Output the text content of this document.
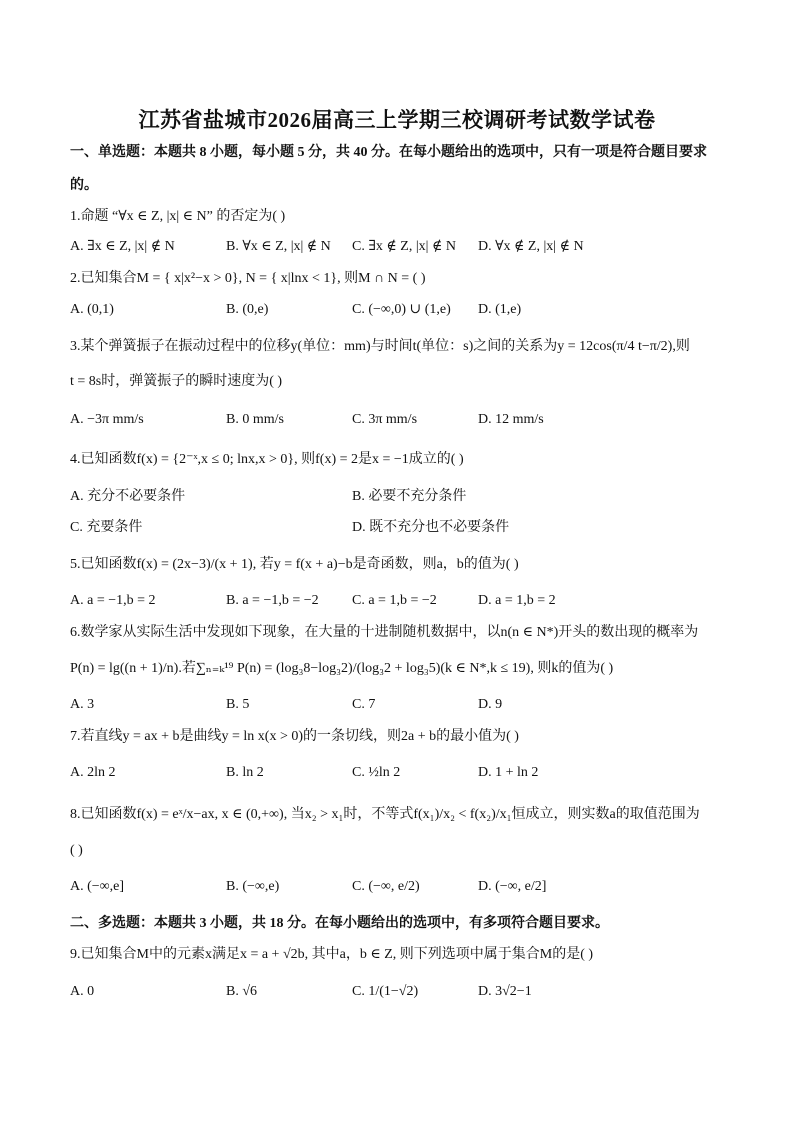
江苏省盐城市2026届高三上学期三校调研考试数学试卷
一、单选题：本题共 8 小题，每小题 5 分，共 40 分。在每小题给出的选项中，只有一项是符合题目要求
的。
1.命题 “∀x ∈ Z, |x| ∈ N” 的否定为( )
A. ∃x ∈ Z, |x| ∉ N	B. ∀x ∈ Z, |x| ∉ N C. ∃x ∉ Z, |x| ∉ N D. ∀x ∉ Z, |x| ∉ N
2.已知集合M = { x|x²−x > 0}, N = { x|lnx < 1}, 则M ∩ N = ( )
A. (0,1)	B. (0,e)	C. (−∞,0) ∪ (1,e) D. (1,e)
3.某个弹簧振子在振动过程中的位移y(单位：mm)与时间t(单位：s)之间的关系为y = 12cos(π/4 t−π/2),则
t = 8s时，弹簧振子的瞬时速度为( )
A. −3π mm/s	B. 0 mm/s	C. 3π mm/s	D. 12 mm/s
4.已知函数f(x) = {2⁻ˣ,x ≤ 0; lnx,x > 0}, 则f(x) = 2是x = −1成立的( )
A. 充分不必要条件	B. 必要不充分条件
C. 充要条件	D. 既不充分也不必要条件
5.已知函数f(x) = (2x−3)/(x + 1), 若y = f(x + a)−b是奇函数，则a，b的值为( )
A. a = −1,b = 2	B. a = −1,b = −2 C. a = 1,b = −2	D. a = 1,b = 2
6.数学家从实际生活中发现如下现象，在大量的十进制随机数据中，以n(n ∈ N*)开头的数出现的概率为
P(n) = lg((n + 1)/n).若∑ₙ₌ₖ¹⁹ P(n) = (log₃8−log₃2)/(log₃2 + log₃5)(k ∈ N*,k ≤ 19), 则k的值为( )
A. 3	B. 5	C. 7	D. 9
7.若直线y = ax + b是曲线y = ln x(x > 0)的一条切线，则2a + b的最小值为( )
A. 2ln 2	B. ln 2	C. ½ln 2	D. 1 + ln 2
8.已知函数f(x) = eˣ/x−ax, x ∈ (0,+∞), 当x₂ > x₁时，不等式f(x₁)/x₂ < f(x₂)/x₁恒成立，则实数a的取值范围为
( )
A. (−∞,e]	B. (−∞,e)	C. (−∞, e/2)	D. (−∞, e/2]
二、多选题：本题共 3 小题，共 18 分。在每小题给出的选项中，有多项符合题目要求。
9.已知集合M中的元素x满足x = a + √2b, 其中a，b ∈ Z, 则下列选项中属于集合M的是( )
A. 0	B. √6	C. 1/(1−√2)	D. 3√2−1
